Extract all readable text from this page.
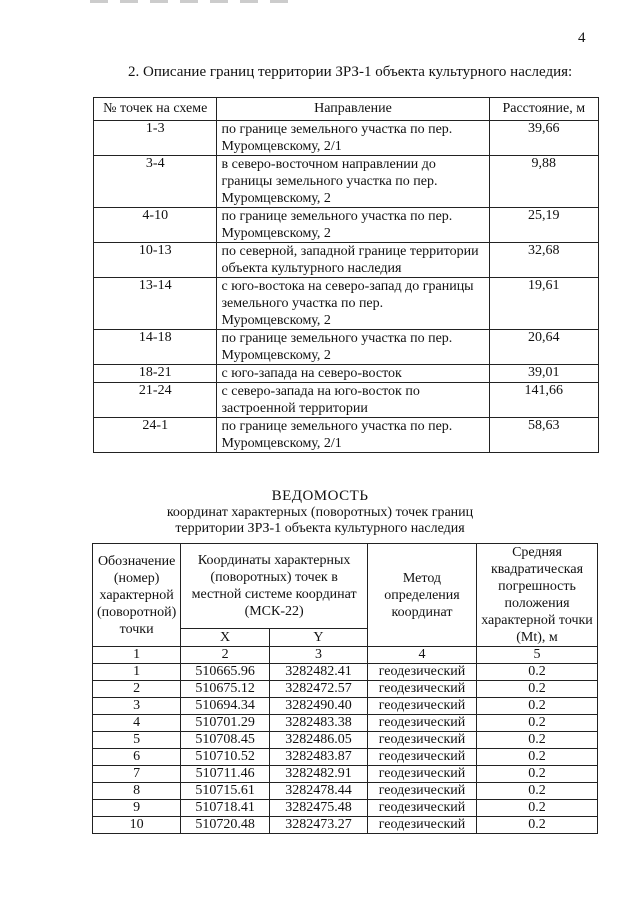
4
2. Описание границ территории ЗРЗ-1 объекта культурного наследия:
№ точек на схеме	Направление	Расстояние, м
1-3	по границе земельного участка по пер. Муромцевскому, 2/1	39,66
3-4	в северо-восточном направлении до границы земельного участка по пер. Муромцевскому, 2	9,88
4-10	по границе земельного участка по пер. Муромцевскому, 2	25,19
10-13	по северной, западной границе территории объекта культурного наследия	32,68
13-14	с юго-востока на северо-запад до границы земельного участка по пер. Муромцевскому, 2	19,61
14-18	по границе земельного участка по пер. Муромцевскому, 2	20,64
18-21	с юго-запада на северо-восток	39,01
21-24	с северо-запада на юго-восток по застроенной территории	141,66
24-1	по границе земельного участка по пер. Муромцевскому, 2/1	58,63
ВЕДОМОСТЬ
координат характерных (поворотных) точек границ
территории ЗРЗ-1 объекта культурного наследия
Обозначение (номер) характерной (поворотной) точки	Координаты характерных (поворотных) точек в местной системе координат (МСК-22)		Метод определения координат	Средняя квадратическая погрешность положения характерной точки (Mt), м
	X	Y		
1	2	3	4	5
1	510665.96	3282482.41	геодезический	0.2
2	510675.12	3282472.57	геодезический	0.2
3	510694.34	3282490.40	геодезический	0.2
4	510701.29	3282483.38	геодезический	0.2
5	510708.45	3282486.05	геодезический	0.2
6	510710.52	3282483.87	геодезический	0.2
7	510711.46	3282482.91	геодезический	0.2
8	510715.61	3282478.44	геодезический	0.2
9	510718.41	3282475.48	геодезический	0.2
10	510720.48	3282473.27	геодезический	0.2
